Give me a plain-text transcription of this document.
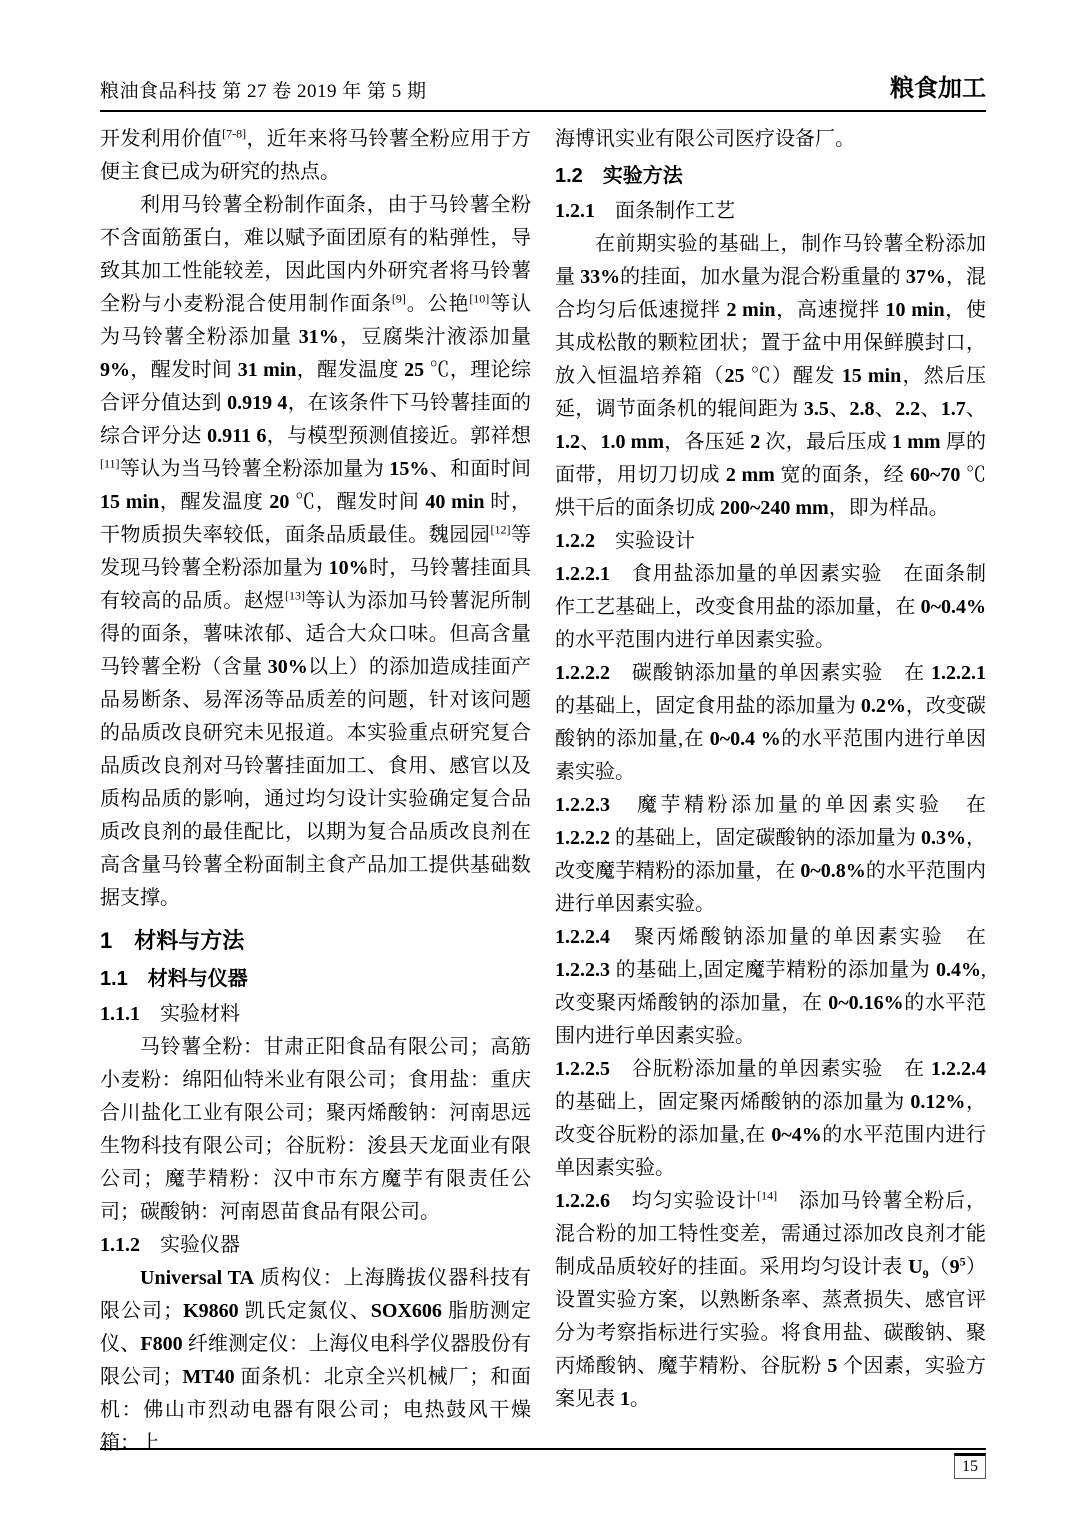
粮油食品科技 第 27 卷 2019 年 第 5 期	粮食加工

开发利用价值[7-8]，近年来将马铃薯全粉应用于方便主食已成为研究的热点。

利用马铃薯全粉制作面条，由于马铃薯全粉不含面筋蛋白，难以赋予面团原有的粘弹性，导致其加工性能较差，因此国内外研究者将马铃薯全粉与小麦粉混合使用制作面条[9]。公艳[10]等认为马铃薯全粉添加量 31%，豆腐柴汁液添加量 9%，醒发时间 31 min，醒发温度 25 ℃，理论综合评分值达到 0.919 4，在该条件下马铃薯挂面的综合评分达 0.911 6，与模型预测值接近。郭祥想[11]等认为当马铃薯全粉添加量为 15%、和面时间 15 min，醒发温度 20 ℃，醒发时间 40 min 时，干物质损失率较低，面条品质最佳。魏园园[12]等发现马铃薯全粉添加量为 10%时，马铃薯挂面具有较高的品质。赵煜[13]等认为添加马铃薯泥所制得的面条，薯味浓郁、适合大众口味。但高含量马铃薯全粉（含量 30%以上）的添加造成挂面产品易断条、易浑汤等品质差的问题，针对该问题的品质改良研究未见报道。本实验重点研究复合品质改良剂对马铃薯挂面加工、食用、感官以及质构品质的影响，通过均匀设计实验确定复合品质改良剂的最佳配比，以期为复合品质改良剂在高含量马铃薯全粉面制主食产品加工提供基础数据支撑。

1　材料与方法
1.1　材料与仪器
1.1.1　实验材料

马铃薯全粉：甘肃正阳食品有限公司；高筋小麦粉：绵阳仙特米业有限公司；食用盐：重庆合川盐化工业有限公司；聚丙烯酸钠：河南思远生物科技有限公司；谷朊粉：浚县天龙面业有限公司；魔芋精粉：汉中市东方魔芋有限责任公司；碳酸钠：河南恩苗食品有限公司。

1.1.2　实验仪器

Universal TA 质构仪：上海腾拔仪器科技有限公司；K9860 凯氏定氮仪、SOX606 脂肪测定仪、F800 纤维测定仪：上海仪电科学仪器股份有限公司；MT40 面条机：北京全兴机械厂；和面机：佛山市烈动电器有限公司；电热鼓风干燥箱：上

海博讯实业有限公司医疗设备厂。

1.2　实验方法
1.2.1　面条制作工艺

在前期实验的基础上，制作马铃薯全粉添加量 33%的挂面，加水量为混合粉重量的 37%，混合均匀后低速搅拌 2 min，高速搅拌 10 min，使其成松散的颗粒团状；置于盆中用保鲜膜封口，放入恒温培养箱（25 ℃）醒发 15 min，然后压延，调节面条机的辊间距为 3.5、2.8、2.2、1.7、1.2、1.0 mm，各压延 2 次，最后压成 1 mm 厚的面带，用切刀切成 2 mm 宽的面条，经 60~70 ℃烘干后的面条切成 200~240 mm，即为样品。

1.2.2　实验设计

1.2.2.1　食用盐添加量的单因素实验　在面条制作工艺基础上，改变食用盐的添加量，在 0~0.4%的水平范围内进行单因素实验。

1.2.2.2　碳酸钠添加量的单因素实验　在 1.2.2.1 的基础上，固定食用盐的添加量为 0.2%，改变碳酸钠的添加量,在 0~0.4 %的水平范围内进行单因素实验。

1.2.2.3　魔芋精粉添加量的单因素实验　在 1.2.2.2 的基础上，固定碳酸钠的添加量为 0.3%，改变魔芋精粉的添加量，在 0~0.8%的水平范围内进行单因素实验。

1.2.2.4　聚丙烯酸钠添加量的单因素实验　在 1.2.2.3 的基础上,固定魔芋精粉的添加量为 0.4%,改变聚丙烯酸钠的添加量，在 0~0.16%的水平范围内进行单因素实验。

1.2.2.5　谷朊粉添加量的单因素实验　在 1.2.2.4 的基础上，固定聚丙烯酸钠的添加量为 0.12%，改变谷朊粉的添加量,在 0~4%的水平范围内进行单因素实验。

1.2.2.6　均匀实验设计[14]　添加马铃薯全粉后，混合粉的加工特性变差，需通过添加改良剂才能制成品质较好的挂面。采用均匀设计表 $U_9(9^5)$设置实验方案，以熟断条率、蒸煮损失、感官评分为考察指标进行实验。将食用盐、碳酸钠、聚丙烯酸钠、魔芋精粉、谷朊粉 5 个因素，实验方案见表 1。

15
